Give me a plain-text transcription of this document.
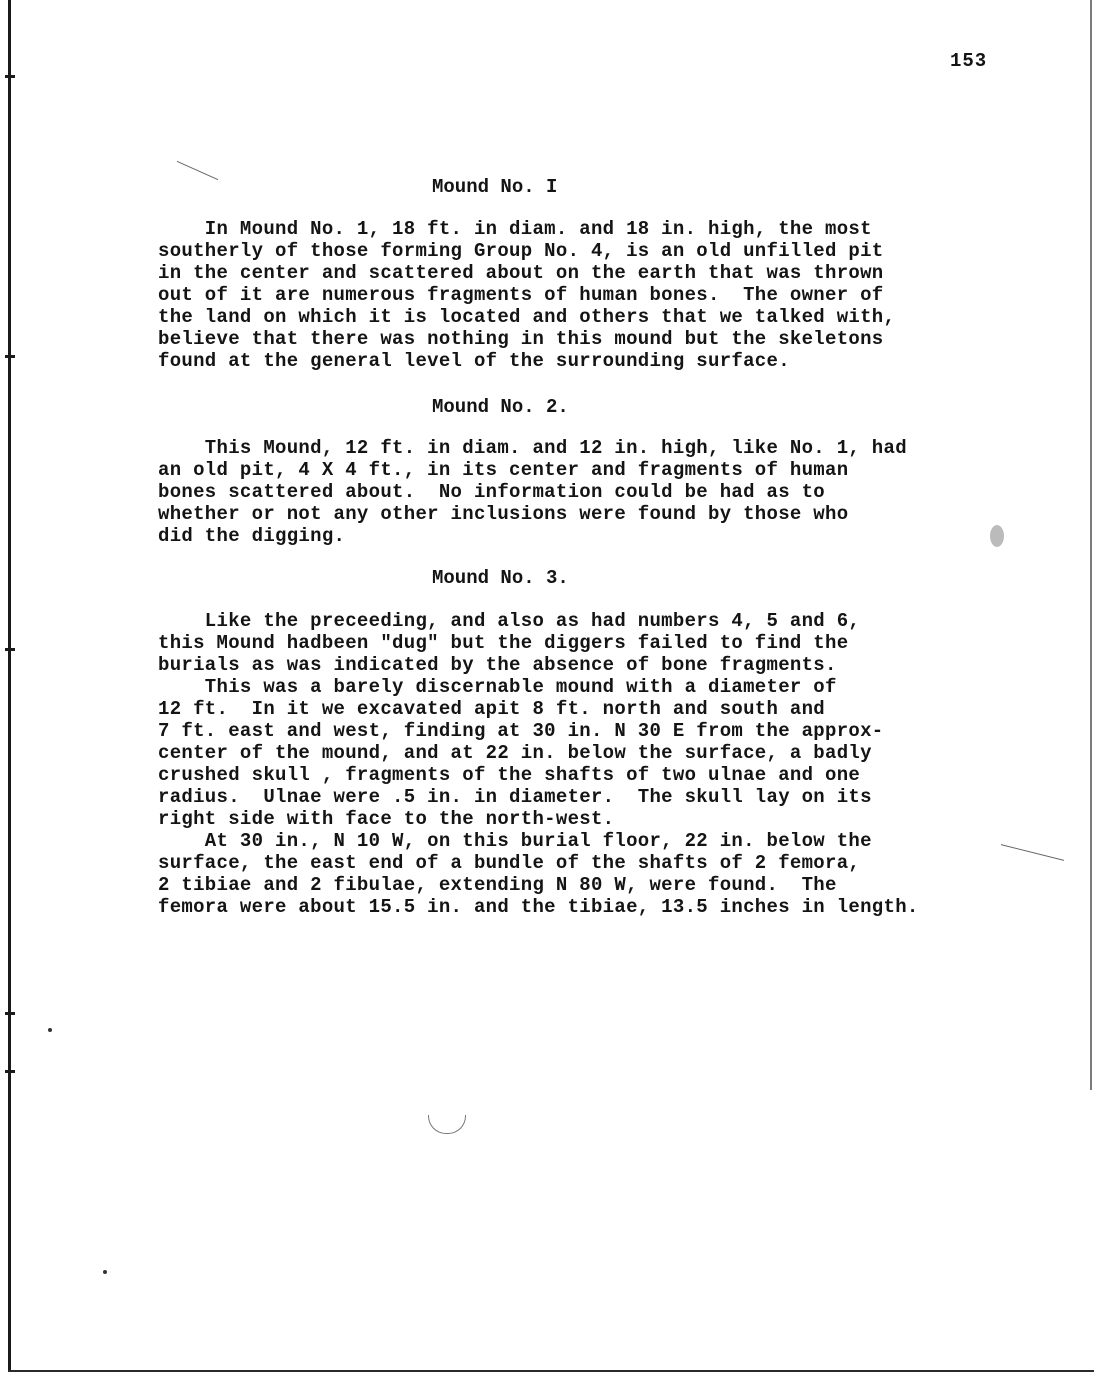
153
Mound No. I
In Mound No. 1, 18 ft. in diam. and 18 in. high, the most
southerly of those forming Group No. 4, is an old unfilled pit
in the center and scattered about on the earth that was thrown
out of it are numerous fragments of human bones.  The owner of
the land on which it is located and others that we talked with,
believe that there was nothing in this mound but the skeletons
found at the general level of the surrounding surface.
Mound No. 2.
This Mound, 12 ft. in diam. and 12 in. high, like No. 1, had
an old pit, 4 X 4 ft., in its center and fragments of human
bones scattered about.  No information could be had as to
whether or not any other inclusions were found by those who
did the digging.
Mound No. 3.
Like the preceeding, and also as had numbers 4, 5 and 6,
this Mound hadbeen "dug" but the diggers failed to find the
burials as was indicated by the absence of bone fragments.
This was a barely discernable mound with a diameter of
12 ft.  In it we excavated apit 8 ft. north and south and
7 ft. east and west, finding at 30 in. N 30 E from the approx-
center of the mound, and at 22 in. below the surface, a badly
crushed skull , fragments of the shafts of two ulnae and one
radius.  Ulnae were .5 in. in diameter.  The skull lay on its
right side with face to the north-west.
At 30 in., N 10 W, on this burial floor, 22 in. below the
surface, the east end of a bundle of the shafts of 2 femora,
2 tibiae and 2 fibulae, extending N 80 W, were found.  The
femora were about 15.5 in. and the tibiae, 13.5 inches in length.
